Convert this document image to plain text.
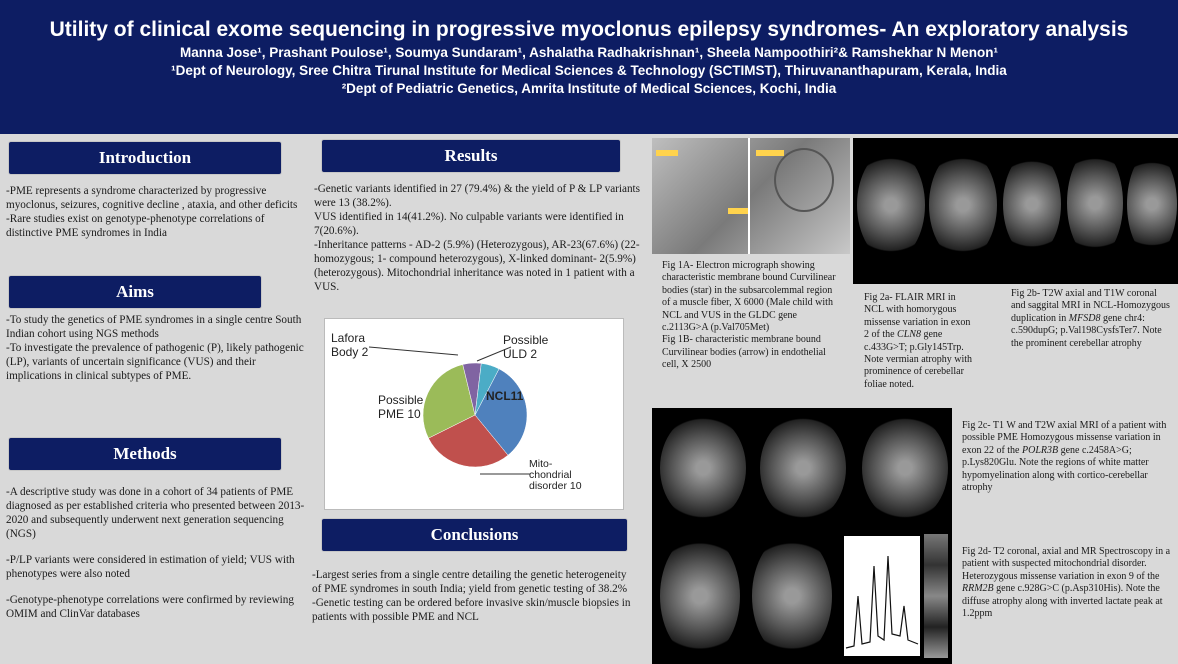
Utility of clinical exome sequencing in progressive myoclonus epilepsy syndromes- An exploratory analysis
Manna Jose¹, Prashant Poulose¹, Soumya Sundaram¹, Ashalatha Radhakrishnan¹, Sheela Nampoothiri²& Ramshekhar N Menon¹
¹Dept of Neurology, Sree Chitra Tirunal Institute for Medical Sciences & Technology (SCTIMST), Thiruvananthapuram, Kerala, India
²Dept of Pediatric Genetics, Amrita Institute of Medical Sciences, Kochi, India
Introduction

-PME represents a syndrome characterized by progressive myoclonus, seizures, cognitive decline , ataxia, and other deficits

-Rare studies exist on genotype-phenotype correlations of distinctive PME syndromes in India

Aims

-To study the genetics of PME syndromes in a single centre South Indian cohort using NGS methods

-To investigate the prevalence of pathogenic (P), likely pathogenic (LP), variants of uncertain significance (VUS) and their implications in clinical subtypes of PME.

Methods

-A descriptive study was done in a cohort of 34 patients of PME diagnosed as per established criteria who presented between 2013-2020 and subsequently underwent next generation sequencing (NGS)

-P/LP variants were considered in estimation of yield; VUS with phenotypes were also noted

-Genotype-phenotype correlations were confirmed by reviewing OMIM and ClinVar databases

Results

-Genetic variants identified in 27 (79.4%) & the yield of P & LP variants were 13 (38.2%).

VUS identified in 14(41.2%). No culpable variants were identified in 7(20.6%).

-Inheritance patterns - AD-2 (5.9%) (Heterozygous), AR-23(67.6%) (22- homozygous; 1- compound heterozygous), X-linked dominant- 2(5.9%) (heterozygous). Mitochondrial inheritance was noted in 1 patient with a VUS.

Lafora
Body 2
Possible
ULD 2
NCL11
Possible
PME 10
Mito-
chondrial
disorder 10
Conclusions

-Largest series from a single centre detailing the genetic heterogeneity of PME syndromes in south India; yield from genetic testing of 38.2%

-Genetic testing can be ordered before invasive skin/muscle biopsies in patients with possible PME and NCL

Fig 1A- Electron micrograph showing characteristic membrane bound Curvilinear bodies (star) in the subsarcolemmal region of a muscle fiber, X 6000 (Male child with NCL and VUS in the GLDC gene c.2113G>A (p.Val705Met)

Fig 1B- characteristic membrane bound Curvilinear bodies (arrow) in endothelial cell, X 2500

Fig 2a- FLAIR MRI in NCL with homorygous missense variation in exon 2 of the CLN8 gene c.433G>T; p.Gly145Trp. Note vermian atrophy with prominence of cerebellar foliae noted.

Fig 2b- T2W axial and T1W coronal and saggital MRI in NCL-Homozygous duplication in MFSD8 gene chr4: c.590dupG; p.Val198CysfsTer7. Note the prominent cerebellar atrophy

Fig 2c- T1 W and T2W axial MRI of a patient with possible PME Homozygous missense variation in exon 22 of the POLR3B gene c.2458A>G; p.Lys820Glu. Note the regions of white matter hypomyelination along with cortico-cerebellar atrophy

Fig 2d- T2 coronal, axial and MR Spectroscopy in a patient with suspected mitochondrial disorder. Heterozygous missense variation in exon 9 of the RRM2B gene c.928G>C (p.Asp310His). Note the diffuse atrophy along with inverted lactate peak at 1.2ppm
